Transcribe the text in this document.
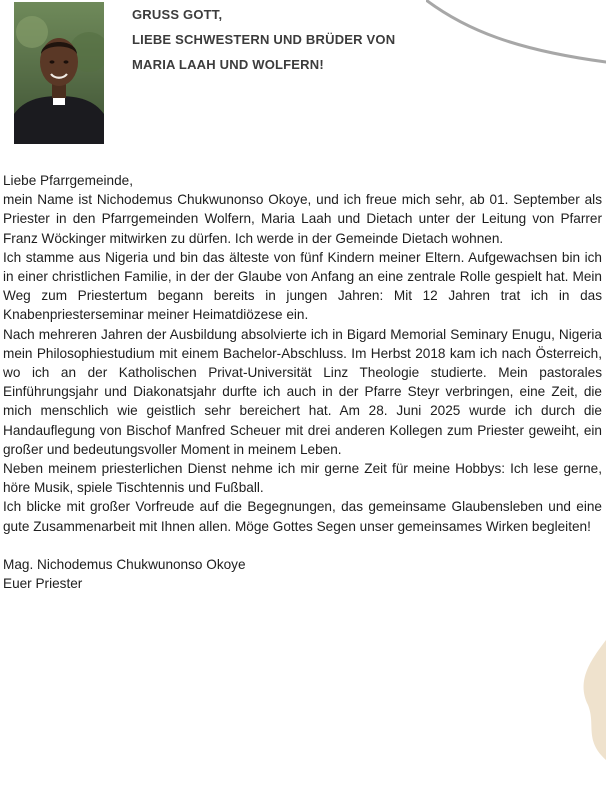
GRUSS GOTT,
LIEBE SCHWESTERN UND BRÜDER VON
MARIA LAAH UND WOLFERN!

Liebe Pfarrgemeinde,

mein Name ist Nichodemus Chukwunonso Okoye, und ich freue mich sehr, ab 01. September als Priester in den Pfarrgemeinden Wolfern, Maria Laah und Dietach unter der Leitung von Pfarrer Franz Wöckinger mitwirken zu dürfen. Ich werde in der Gemeinde Dietach wohnen.

Ich stamme aus Nigeria und bin das älteste von fünf Kindern meiner Eltern. Aufgewachsen bin ich in einer christlichen Familie, in der der Glaube von Anfang an eine zentrale Rolle gespielt hat. Mein Weg zum Priestertum begann bereits in jungen Jahren: Mit 12 Jahren trat ich in das Knabenpriesterseminar meiner Heimatdiözese ein.

Nach mehreren Jahren der Ausbildung absolvierte ich in Bigard Memorial Seminary Enugu, Nigeria mein Philosophiestudium mit einem Bachelor-Abschluss. Im Herbst 2018 kam ich nach Österreich, wo ich an der Katholischen Privat-Universität Linz Theologie studierte. Mein pastorales Einführungsjahr und Diakonatsjahr durfte ich auch in der Pfarre Steyr verbringen, eine Zeit, die mich menschlich wie geistlich sehr bereichert hat. Am 28. Juni 2025 wurde ich durch die Handauflegung von Bischof Manfred Scheuer mit drei anderen Kollegen zum Priester geweiht, ein großer und bedeutungsvoller Moment in meinem Leben.

Neben meinem priesterlichen Dienst nehme ich mir gerne Zeit für meine Hobbys: Ich lese gerne, höre Musik, spiele Tischtennis und Fußball.

Ich blicke mit großer Vorfreude auf die Begegnungen, das gemeinsame Glaubensleben und eine gute Zusammenarbeit mit Ihnen allen. Möge Gottes Segen unser gemeinsames Wirken begleiten!

Mag. Nichodemus Chukwunonso Okoye

Euer Priester
